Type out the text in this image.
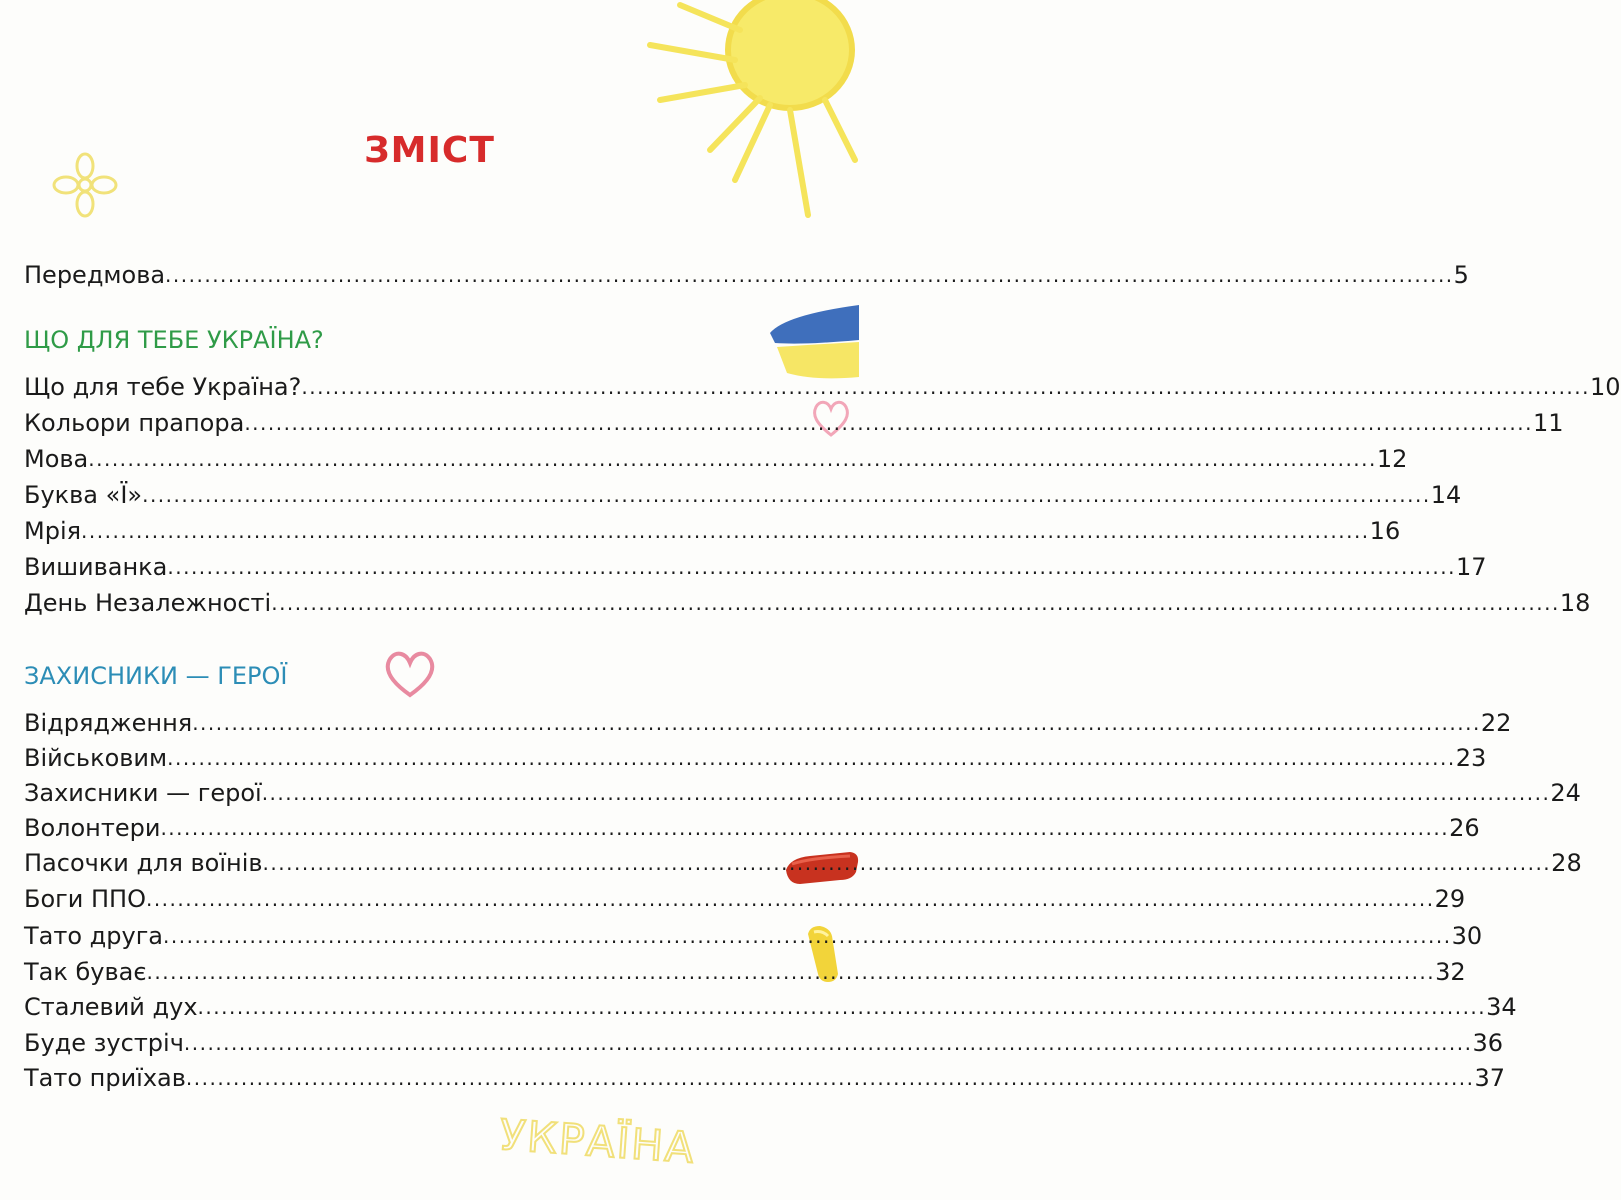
УКРАЇНА
ЗМІСТ
Передмова .................................................................................................................................................................... 5
ЩО ДЛЯ ТЕБЕ УКРАЇНА?
Що для тебе Україна? .................................................................................................................................................................... 10
Кольори прапора .................................................................................................................................................................... 11
Мова .................................................................................................................................................................... 12
Буква «Ї» .................................................................................................................................................................... 14
Мрія .................................................................................................................................................................... 16
Вишиванка .................................................................................................................................................................... 17
День Незалежності .................................................................................................................................................................... 18
ЗАХИСНИКИ — ГЕРОЇ
Відрядження .................................................................................................................................................................... 22
Військовим .................................................................................................................................................................... 23
Захисники — герої .................................................................................................................................................................... 24
Волонтери .................................................................................................................................................................... 26
Пасочки для воїнів .................................................................................................................................................................... 28
Боги ППО .................................................................................................................................................................... 29
Тато друга .................................................................................................................................................................... 30
Так буває .................................................................................................................................................................... 32
Сталевий дух .................................................................................................................................................................... 34
Буде зустріч .................................................................................................................................................................... 36
Тато приїхав .................................................................................................................................................................... 37
